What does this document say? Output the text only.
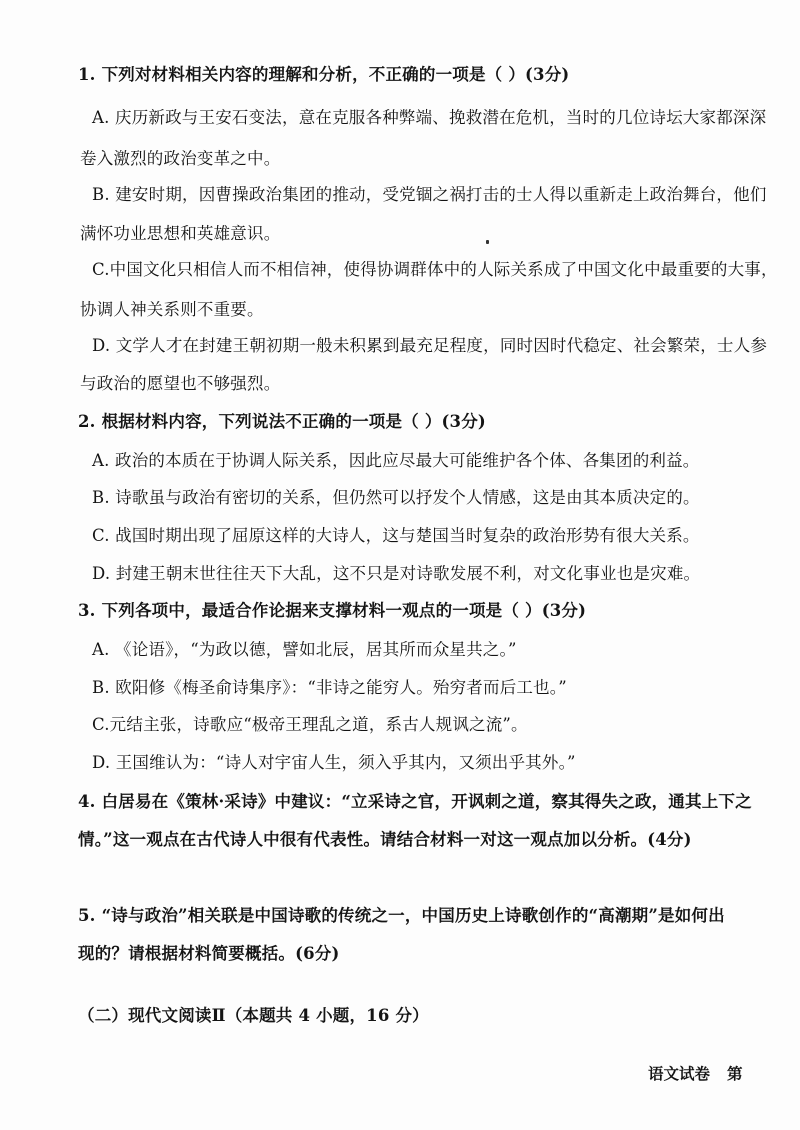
1. 下列对材料相关内容的理解和分析，不正确的一项是（ ）(3分)
A. 庆历新政与王安石变法，意在克服各种弊端、挽救潜在危机，当时的几位诗坛大家都深深
卷入激烈的政治变革之中。
B. 建安时期，因曹操政治集团的推动，受党锢之祸打击的士人得以重新走上政治舞台，他们
满怀功业思想和英雄意识。
C.中国文化只相信人而不相信神，使得协调群体中的人际关系成了中国文化中最重要的大事，
协调人神关系则不重要。
D. 文学人才在封建王朝初期一般未积累到最充足程度，同时因时代稳定、社会繁荣，士人参
与政治的愿望也不够强烈。
2. 根据材料内容，下列说法不正确的一项是（ ）(3分)
A. 政治的本质在于协调人际关系，因此应尽最大可能维护各个体、各集团的利益。
B. 诗歌虽与政治有密切的关系，但仍然可以抒发个人情感，这是由其本质决定的。
C. 战国时期出现了屈原这样的大诗人，这与楚国当时复杂的政治形势有很大关系。
D. 封建王朝末世往往天下大乱，这不只是对诗歌发展不利，对文化事业也是灾难。
3. 下列各项中，最适合作论据来支撑材料一观点的一项是（ ）(3分)
A. 《论语》，“为政以德，譬如北辰，居其所而众星共之。”
B. 欧阳修《梅圣俞诗集序》：“非诗之能穷人。殆穷者而后工也。”
C.元结主张，诗歌应“极帝王理乱之道，系古人规讽之流”。
D. 王国维认为：“诗人对宇宙人生，须入乎其内，又须出乎其外。”
4. 白居易在《策林·采诗》中建议：“立采诗之官，开讽刺之道，察其得失之政，通其上下之
情。”这一观点在古代诗人中很有代表性。请结合材料一对这一观点加以分析。(4分)
5. “诗与政治”相关联是中国诗歌的传统之一，中国历史上诗歌创作的“高潮期”是如何出
现的？请根据材料简要概括。(6分)
（二）现代文阅读Ⅱ（本题共 4 小题，16 分）
语文试卷 第
